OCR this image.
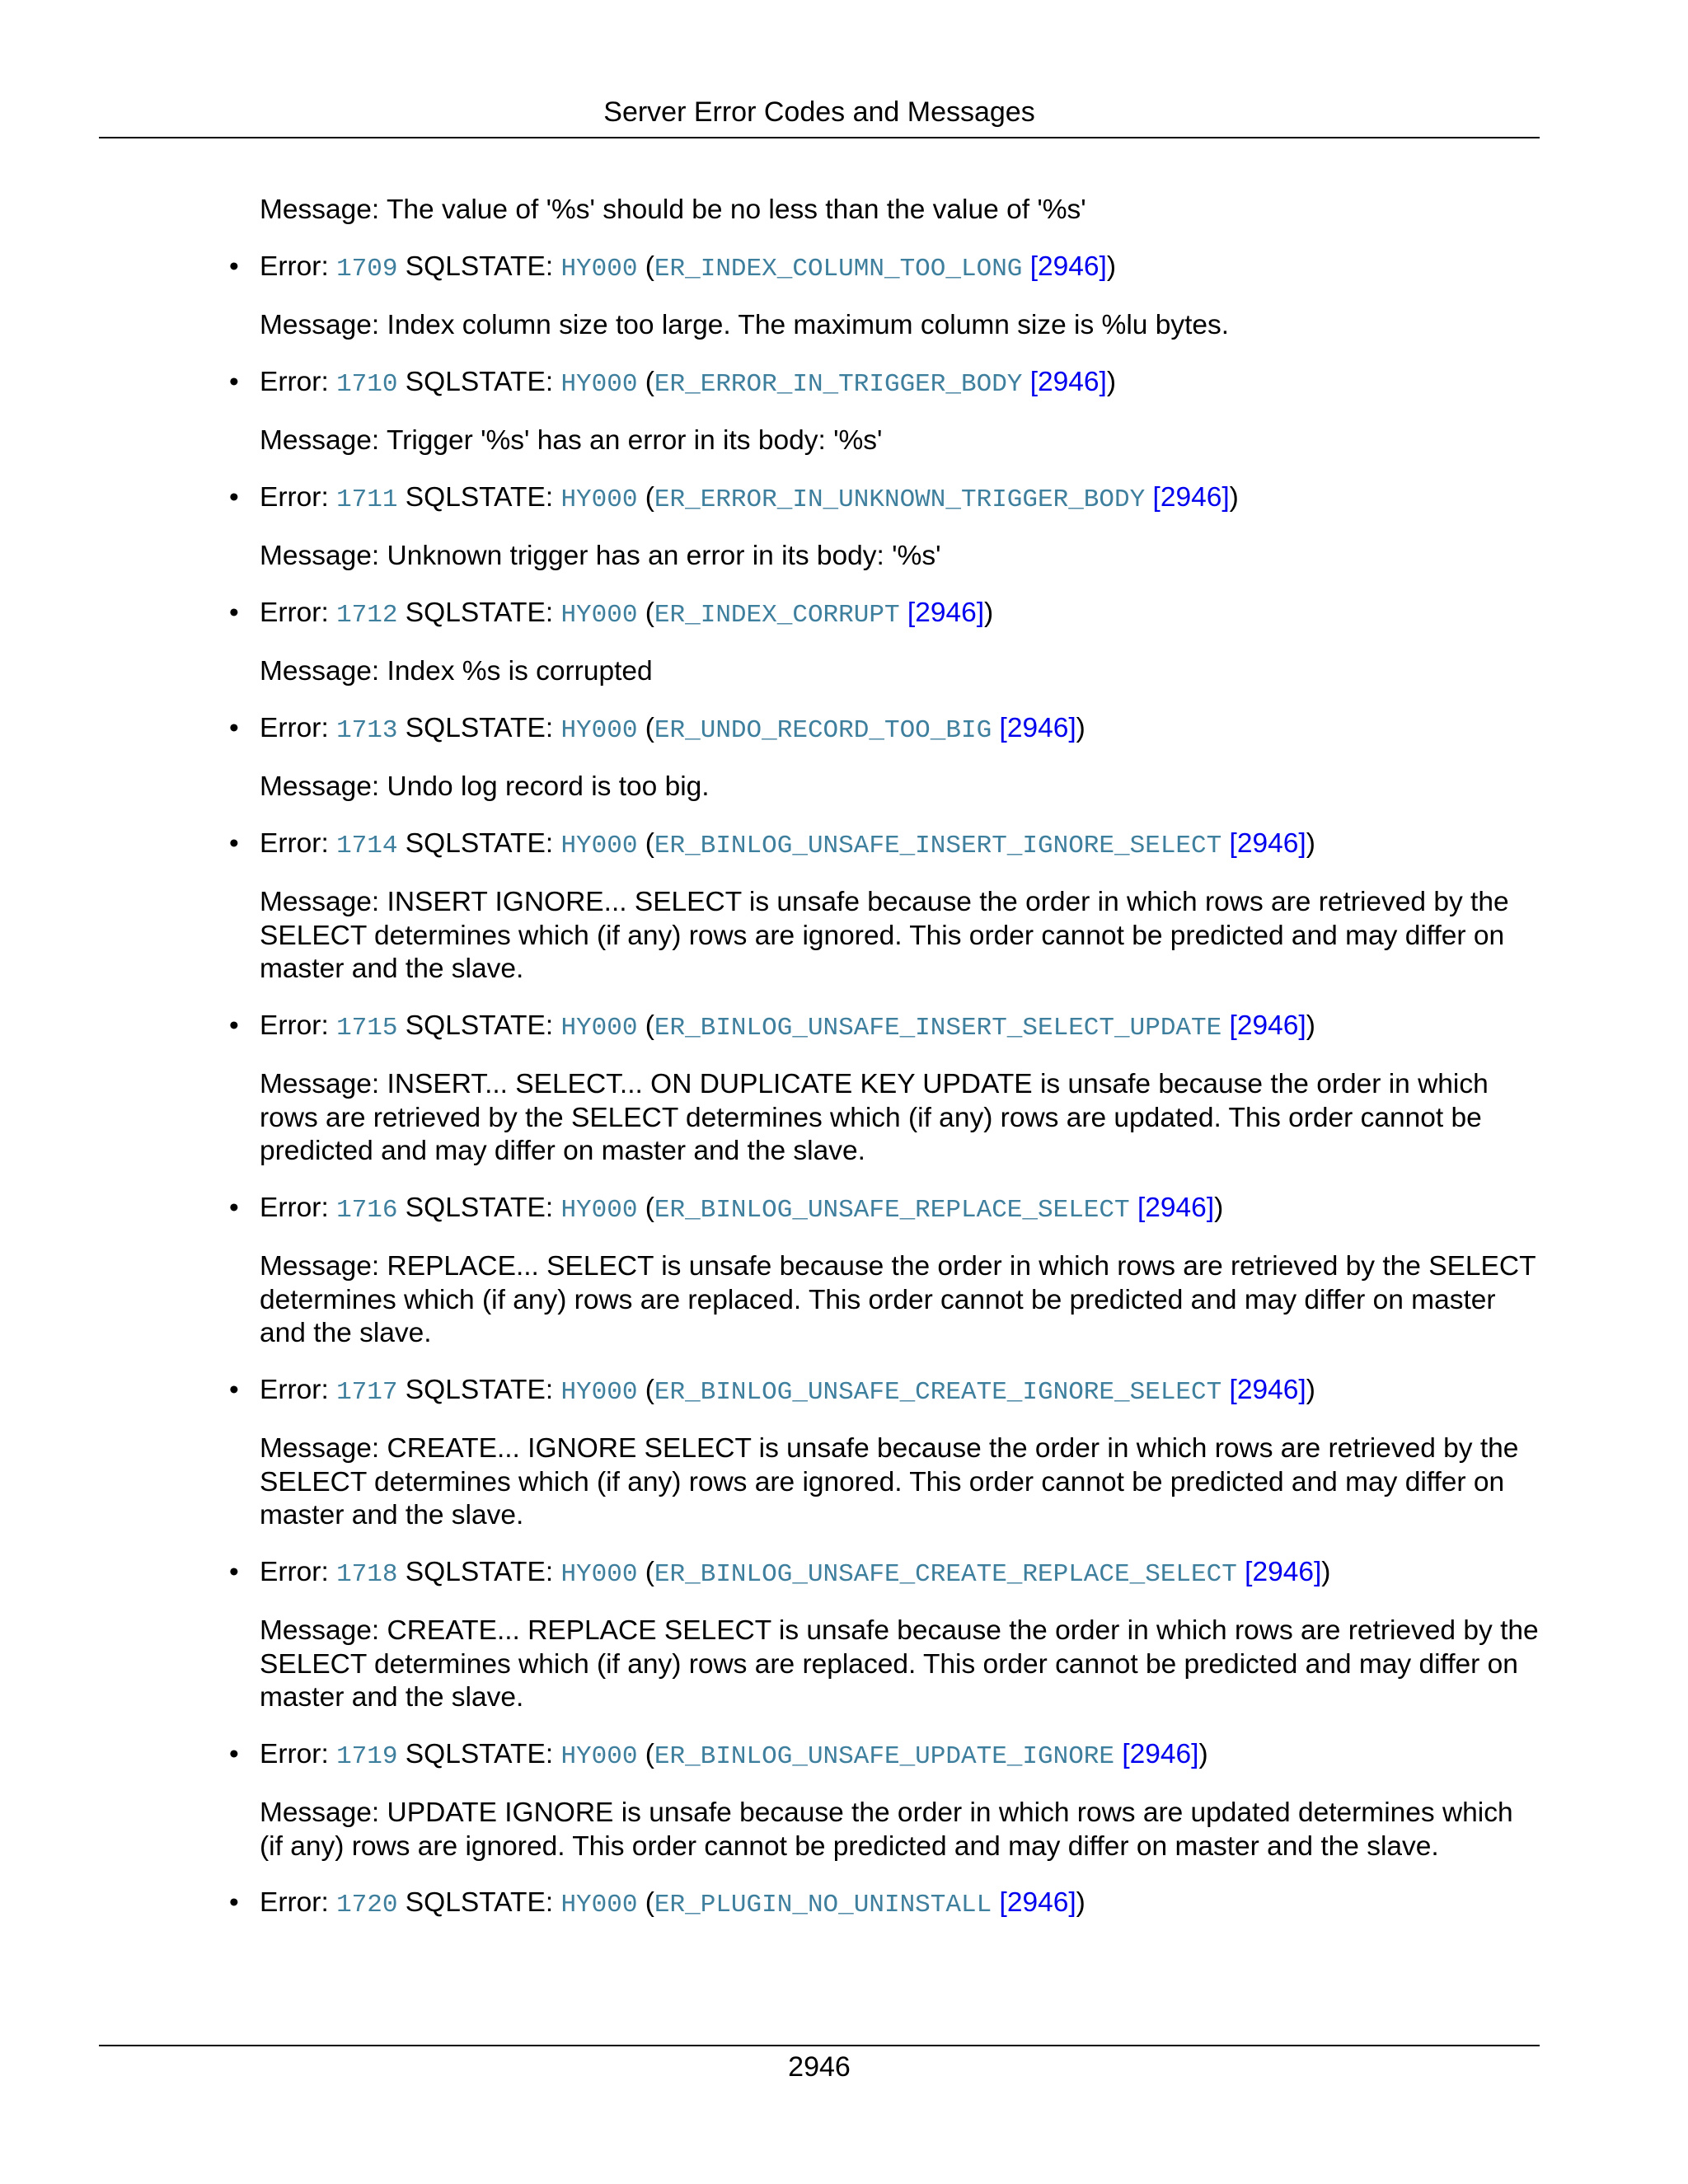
Server Error Codes and Messages

Message: The value of '%s' should be no less than the value of '%s'

• Error: 1709 SQLSTATE: HY000 (ER_INDEX_COLUMN_TOO_LONG [2946])

Message: Index column size too large. The maximum column size is %lu bytes.

• Error: 1710 SQLSTATE: HY000 (ER_ERROR_IN_TRIGGER_BODY [2946])

Message: Trigger '%s' has an error in its body: '%s'

• Error: 1711 SQLSTATE: HY000 (ER_ERROR_IN_UNKNOWN_TRIGGER_BODY [2946])

Message: Unknown trigger has an error in its body: '%s'

• Error: 1712 SQLSTATE: HY000 (ER_INDEX_CORRUPT [2946])

Message: Index %s is corrupted

• Error: 1713 SQLSTATE: HY000 (ER_UNDO_RECORD_TOO_BIG [2946])

Message: Undo log record is too big.

• Error: 1714 SQLSTATE: HY000 (ER_BINLOG_UNSAFE_INSERT_IGNORE_SELECT [2946])

Message: INSERT IGNORE... SELECT is unsafe because the order in which rows are retrieved by the SELECT determines which (if any) rows are ignored. This order cannot be predicted and may differ on master and the slave.

• Error: 1715 SQLSTATE: HY000 (ER_BINLOG_UNSAFE_INSERT_SELECT_UPDATE [2946])

Message: INSERT... SELECT... ON DUPLICATE KEY UPDATE is unsafe because the order in which rows are retrieved by the SELECT determines which (if any) rows are updated. This order cannot be predicted and may differ on master and the slave.

• Error: 1716 SQLSTATE: HY000 (ER_BINLOG_UNSAFE_REPLACE_SELECT [2946])

Message: REPLACE... SELECT is unsafe because the order in which rows are retrieved by the SELECT determines which (if any) rows are replaced. This order cannot be predicted and may differ on master and the slave.

• Error: 1717 SQLSTATE: HY000 (ER_BINLOG_UNSAFE_CREATE_IGNORE_SELECT [2946])

Message: CREATE... IGNORE SELECT is unsafe because the order in which rows are retrieved by the SELECT determines which (if any) rows are ignored. This order cannot be predicted and may differ on master and the slave.

• Error: 1718 SQLSTATE: HY000 (ER_BINLOG_UNSAFE_CREATE_REPLACE_SELECT [2946])

Message: CREATE... REPLACE SELECT is unsafe because the order in which rows are retrieved by the SELECT determines which (if any) rows are replaced. This order cannot be predicted and may differ on master and the slave.

• Error: 1719 SQLSTATE: HY000 (ER_BINLOG_UNSAFE_UPDATE_IGNORE [2946])

Message: UPDATE IGNORE is unsafe because the order in which rows are updated determines which (if any) rows are ignored. This order cannot be predicted and may differ on master and the slave.

• Error: 1720 SQLSTATE: HY000 (ER_PLUGIN_NO_UNINSTALL [2946])
2946
